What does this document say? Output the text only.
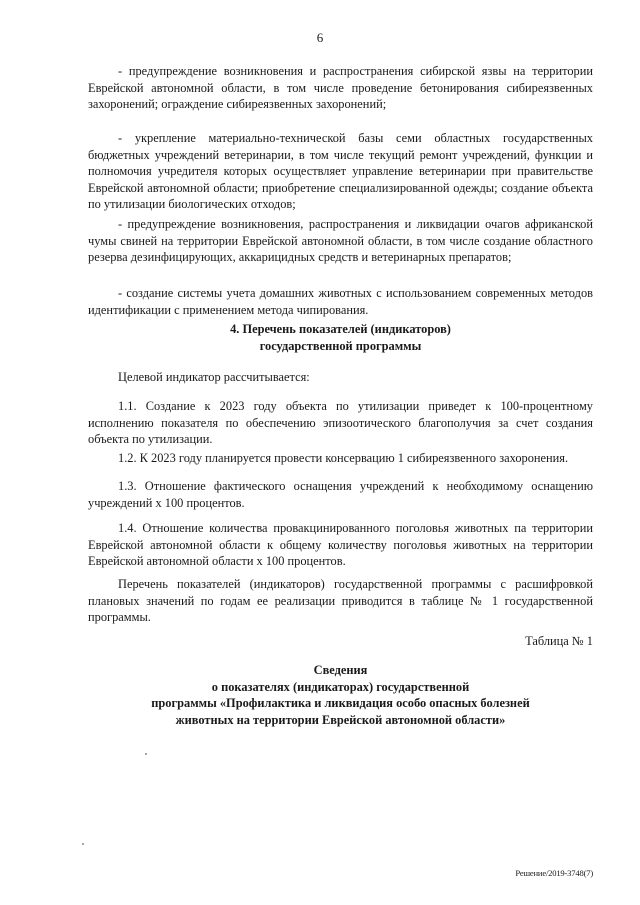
6

- предупреждение возникновения и распространения сибирской язвы на территории Еврейской автономной области, в том числе проведение бетонирования сибиреязвенных захоронений; ограждение сибиреязвенных захоронений;

- укрепление материально-технической базы семи областных государственных бюджетных учреждений ветеринарии, в том числе текущий ремонт учреждений, функции и полномочия учредителя которых осуществляет управление ветеринарии при правительстве Еврейской автономной области; приобретение специализированной одежды; создание объекта по утилизации биологических отходов;

- предупреждение возникновения, распространения и ликвидации очагов африканской чумы свиней на территории Еврейской автономной области, в том числе создание областного резерва дезинфицирующих, аккарицидных средств и ветеринарных препаратов;

- создание системы учета домашних животных с использованием современных методов идентификации с применением метода чипирования.

4. Перечень показателей (индикаторов)
государственной программы

Целевой индикатор рассчитывается:

1.1. Создание к 2023 году объекта по утилизации приведет к 100-процентному исполнению показателя по обеспечению эпизоотического благополучия за счет создания объекта по утилизации.

1.2. К 2023 году планируется провести консервацию 1 сибиреязвенного захоронения.

1.3. Отношение фактического оснащения учреждений к необходимому оснащению учреждений х 100 процентов.

1.4. Отношение количества провакцинированного поголовья животных па территории Еврейской автономной области к общему количеству поголовья животных на территории Еврейской автономной области х 100 процентов.

Перечень показателей (индикаторов) государственной программы с расшифровкой плановых значений по годам ее реализации приводится в таблице № 1 государственной программы.

Таблица № 1
Сведения
о показателях (индикаторах) государственной
программы «Профилактика и ликвидация особо опасных болезней
животных на территории Еврейской автономной области»
Решение/2019-3748(7)
